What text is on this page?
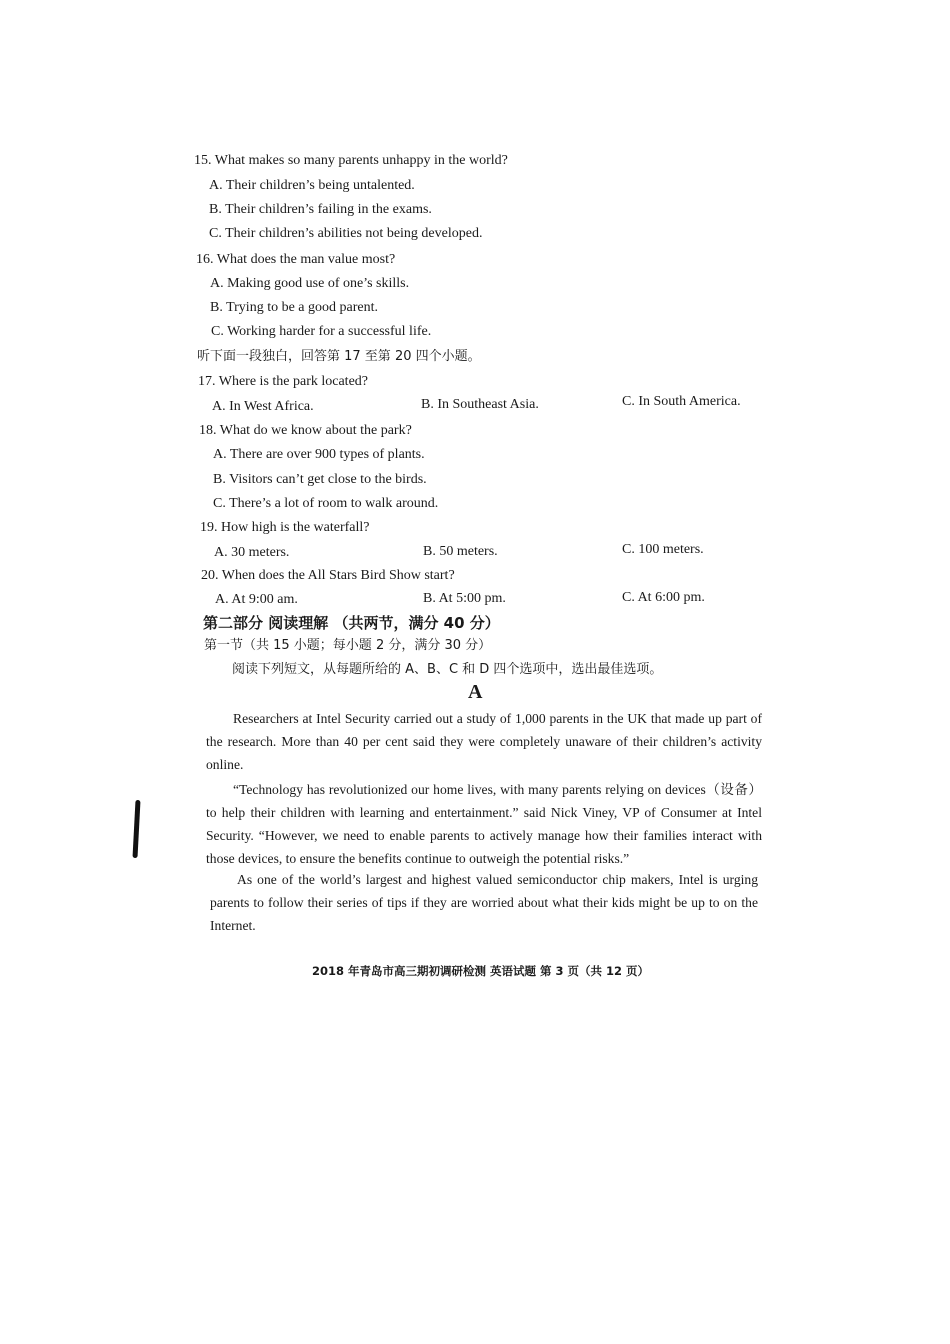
15. What makes so many parents unhappy in the world?
A. Their children’s being untalented.
B. Their children’s failing in the exams.
C. Their children’s abilities not being developed.
16. What does the man value most?
A. Making good use of one’s skills.
B. Trying to be a good parent.
C. Working harder for a successful life.
听下面一段独白，回答第 17 至第 20 四个小题。
17. Where is the park located?
A. In West Africa.	B. In Southeast Asia.	C. In South America.
18. What do we know about the park?
A. There are over 900 types of plants.
B. Visitors can’t get close to the birds.
C. There’s a lot of room to walk around.
19. How high is the waterfall?
A. 30 meters.	B. 50 meters.	C. 100 meters.
20. When does the All Stars Bird Show start?
A. At 9:00 am.	B. At 5:00 pm.	C. At 6:00 pm.
第二部分 阅读理解 （共两节，满分 40 分）
第一节（共 15 小题；每小题 2 分，满分 30 分）
阅读下列短文，从每题所给的 A、B、C 和 D 四个选项中，选出最佳选项。
A

Researchers at Intel Security carried out a study of 1,000 parents in the UK that made up part of the research. More than 40 per cent said they were completely unaware of their children’s activity online.

“Technology has revolutionized our home lives, with many parents relying on devices（设备）to help their children with learning and entertainment.” said Nick Viney, VP of Consumer at Intel Security. “However, we need to enable parents to actively manage how their families interact with those devices, to ensure the benefits continue to outweigh the potential risks.”

As one of the world’s largest and highest valued semiconductor chip makers, Intel is urging parents to follow their series of tips if they are worried about what their kids might be up to on the Internet.

2018 年青岛市高三期初调研检测 英语试题 第 3 页（共 12 页）
